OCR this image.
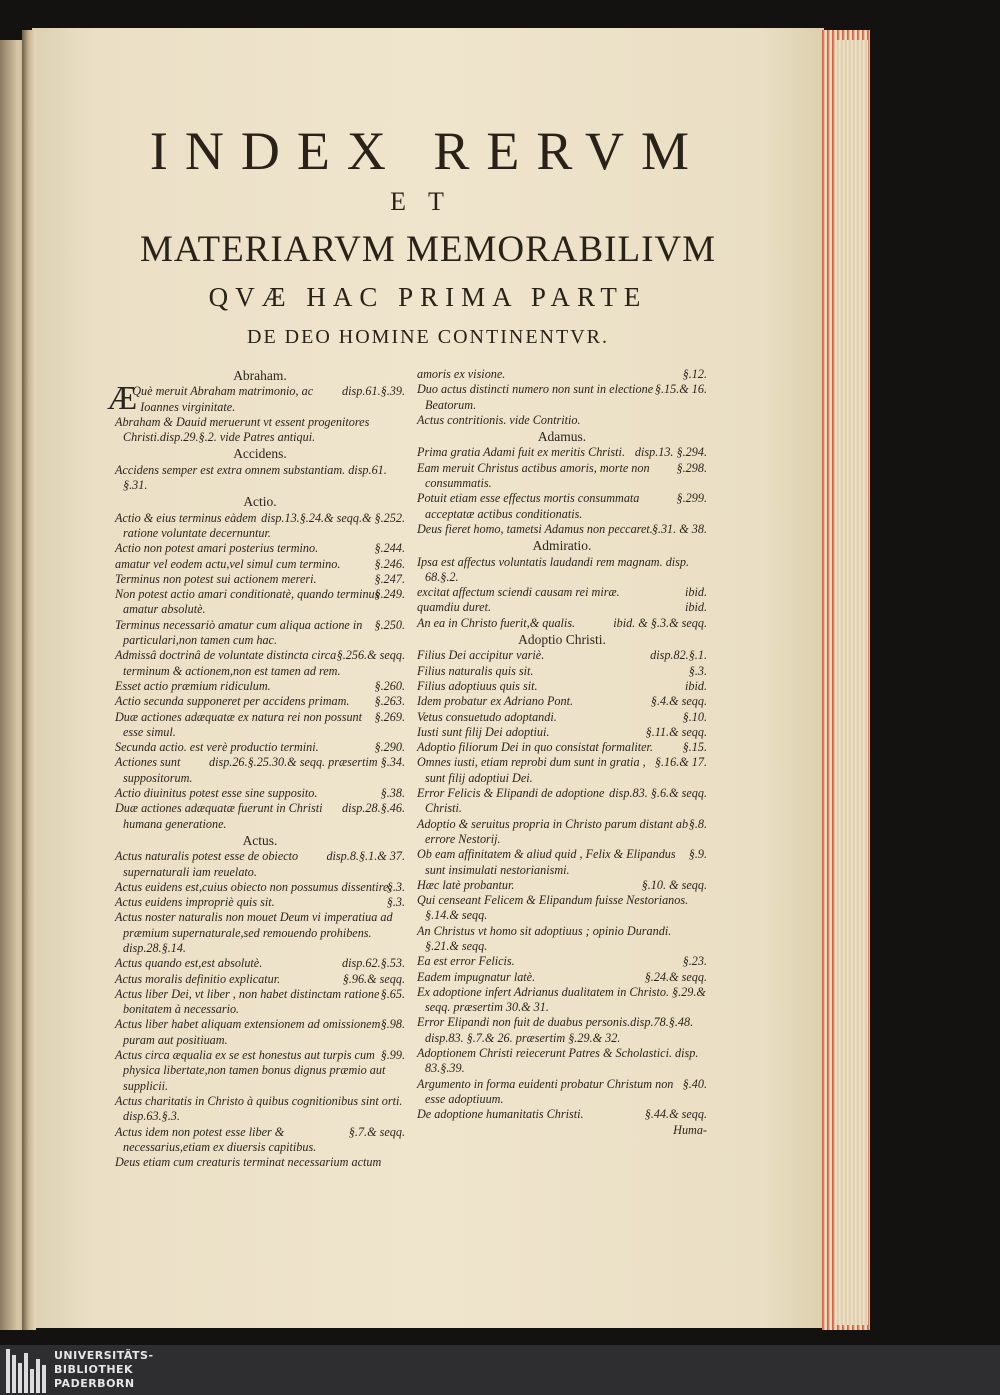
INDEX RERVM
ET
MATERIARVM MEMORABILIVM
QVÆ HAC PRIMA PARTE
DE DEO HOMINE CONTINENTVR.
Abraham.
Æ	disp.61.§.39.
Què meruit Abraham matrimonio, ac Ioannes virginitate.
Abraham & Dauid meruerunt vt essent progenitores Christi.disp.29.§.2. vide Patres antiqui.
Accidens.
Accidens semper est extra omnem substantiam. disp.61. §.31.
Actio.
disp.13.§.24.& seqq.& §.252.
Actio & eius terminus eàdem ratione voluntate decernuntur.
§.244.
Actio non potest amari posterius termino.
§.246.
amatur vel eodem actu,vel simul cum termino.
§.247.
Terminus non potest sui actionem mereri.
§.249.
Non potest actio amari conditionatè, quando terminus amatur absolutè.
§.250.
Terminus necessariò amatur cum aliqua actione in particulari,non tamen cum hac.
§.256.& seqq.
Admissâ doctrinâ de voluntate distincta circa terminum & actionem,non est tamen ad rem.
§.260.
Esset actio præmium ridiculum.
§.263.
Actio secunda supponeret per accidens primam.
§.269.
Duæ actiones adæquatæ ex natura rei non possunt esse simul.
§.290.
Secunda actio. est verè productio termini.
disp.26.§.25.30.& seqq. præsertim §.34.
Actiones sunt suppositorum.
§.38.
Actio diuinitus potest esse sine supposito.
disp.28.§.46.
Duæ actiones adæquatæ fuerunt in Christi humana generatione.
Actus.
disp.8.§.1.& 37.
Actus naturalis potest esse de obiecto supernaturali iam reuelato.
§.3.
Actus euidens est,cuius obiecto non possumus dissentire.
§.3.
Actus euidens impropriè quis sit.
Actus noster naturalis non mouet Deum vi imperatiua ad præmium supernaturale,sed remouendo prohibens. disp.28.§.14.
disp.62.§.53.
Actus quando est,est absolutè.
§.96.& seqq.
Actus moralis definitio explicatur.
§.65.
Actus liber Dei, vt liber , non habet distinctam ratione bonitatem à necessario.
§.98.
Actus liber habet aliquam extensionem ad omissionem puram aut positiuam.
§.99.
Actus circa æqualia ex se est honestus aut turpis cum physica libertate,non tamen bonus dignus præmio aut supplicii.
Actus charitatis in Christo à quibus cognitionibus sint orti. disp.63.§.3.
§.7.& seqq.
Actus idem non potest esse liber & necessarius,etiam ex diuersis capitibus.
Deus etiam cum creaturis terminat necessarium actum
§.12.
amoris ex visione.
§.15.& 16.
Duo actus distincti numero non sunt in electione Beatorum.
Actus contritionis. vide Contritio.
Adamus.
disp.13. §.294.
Prima gratia Adami fuit ex meritis Christi.
§.298.
Eam meruit Christus actibus amoris, morte non consummatis.
§.299.
Potuit etiam esse effectus mortis consummata acceptatæ actibus conditionatis.
§.31. & 38.
Deus fieret homo, tametsi Adamus non peccaret.
Admiratio.
Ipsa est affectus voluntatis laudandi rem magnam. disp. 68.§.2.
ibid.
excitat affectum sciendi causam rei miræ.
ibid.
quamdiu duret.
ibid. & §.3.& seqq.
An ea in Christo fuerit,& qualis.
Adoptio Christi.
disp.82.§.1.
Filius Dei accipitur variè.
§.3.
Filius naturalis quis sit.
ibid.
Filius adoptiuus quis sit.
§.4.& seqq.
Idem probatur ex Adriano Pont.
§.10.
Vetus consuetudo adoptandi.
§.11.& seqq.
Iusti sunt filij Dei adoptiui.
§.15.
Adoptio filiorum Dei in quo consistat formaliter.
§.16.& 17.
Omnes iusti, etiam reprobi dum sunt in gratia , sunt filij adoptiui Dei.
disp.83. §.6.& seqq.
Error Felicis & Elipandi de adoptione Christi.
§.8.
Adoptio & seruitus propria in Christo parum distant ab errore Nestorij.
§.9.
Ob eam affinitatem & aliud quid , Felix & Elipandus sunt insimulati nestorianismi.
§.10. & seqq.
Hæc latè probantur.
Qui censeant Felicem & Elipandum fuisse Nestorianos. §.14.& seqq.
An Christus vt homo sit adoptiuus ; opinio Durandi. §.21.& seqq.
§.23.
Ea est error Felicis.
§.24.& seqq.
Eadem impugnatur latè.
Ex adoptione infert Adrianus dualitatem in Christo. §.29.& seqq. præsertim 30.& 31.
Error Elipandi non fuit de duabus personis.disp.78.§.48. disp.83. §.7.& 26. præsertim §.29.& 32.
Adoptionem Christi reiecerunt Patres & Scholastici. disp. 83.§.39.
§.40.
Argumento in forma euidenti probatur Christum non esse adoptiuum.
§.44.& seqq.
De adoptione humanitatis Christi.
Huma-
UNIVERSITÄTS-
BIBLIOTHEK
PADERBORN
